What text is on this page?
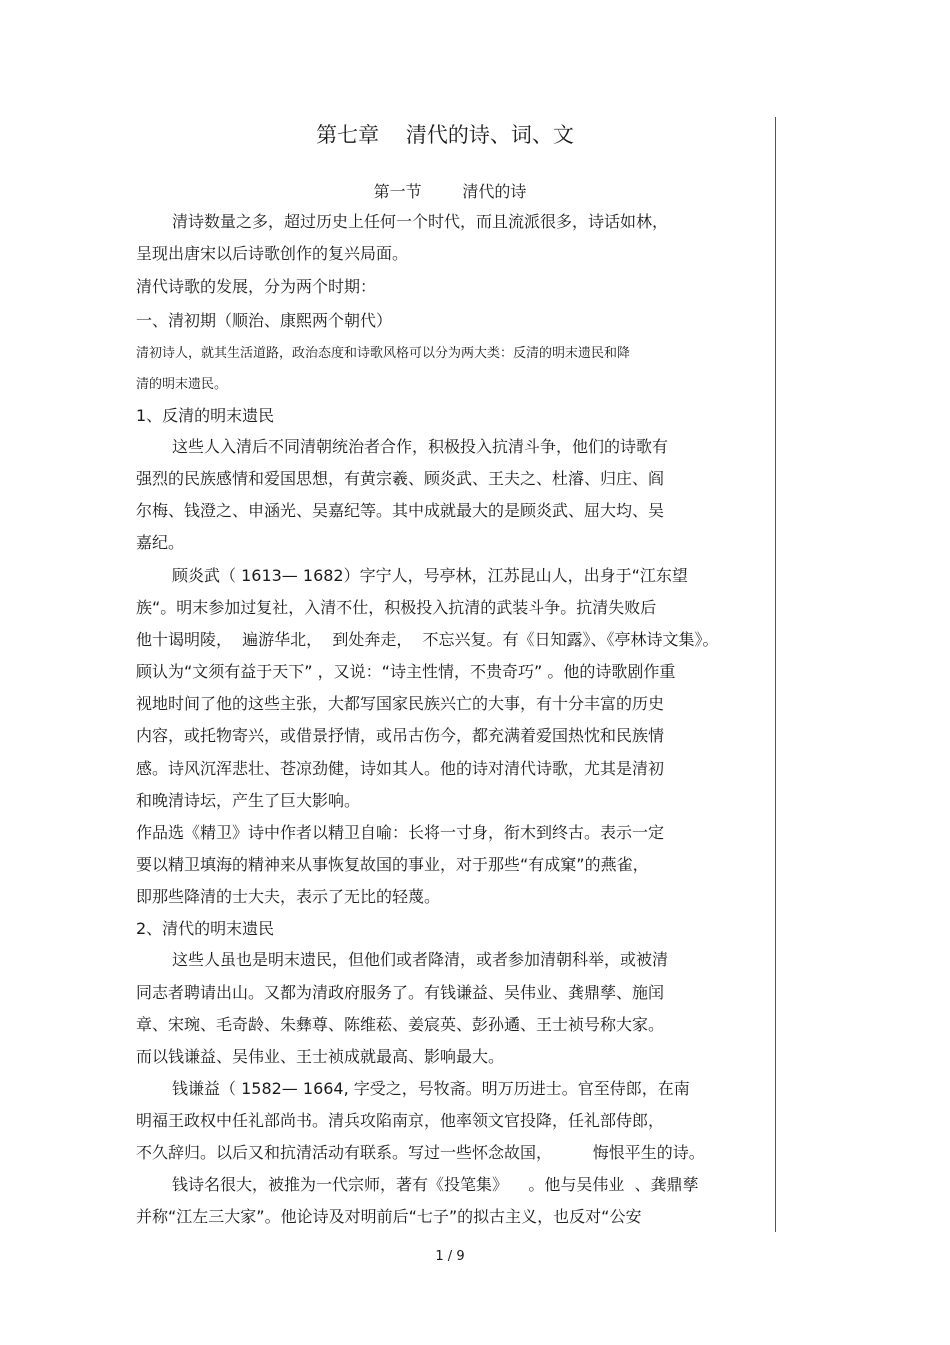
第七章    清代的诗、词、文
第一节        清代的诗
清诗数量之多，超过历史上任何一个时代，而且流派很多，诗话如林，
呈现出唐宋以后诗歌创作的复兴局面。
清代诗歌的发展，分为两个时期：
一、清初期（顺治、康熙两个朝代）
清初诗人，就其生活道路，政治态度和诗歌风格可以分为两大类：反清的明末遗民和降
清的明末遗民。
1、反清的明末遗民
这些人入清后不同清朝统治者合作，积极投入抗清斗争，他们的诗歌有
强烈的民族感情和爱国思想，有黄宗羲、顾炎武、王夫之、杜濬、归庄、阎
尔梅、钱澄之、申涵光、吴嘉纪等。其中成就最大的是顾炎武、屈大均、吴
嘉纪。
顾炎武（ 1613— 1682）字宁人，号亭林，江苏昆山人，出身于“江东望
族“。明末参加过复社，入清不仕，积极投入抗清的武装斗争。抗清失败后
他十谒明陵，  遍游华北，  到处奔走，  不忘兴复。有《日知露》、《亭林诗文集》。
顾认为“文须有益于天下” ，又说：“诗主性情，不贵奇巧” 。他的诗歌剧作重
视地时间了他的这些主张，大都写国家民族兴亡的大事，有十分丰富的历史
内容，或托物寄兴，或借景抒情，或吊古伤今，都充满着爱国热忱和民族情
感。诗风沉浑悲壮、苍凉劲健，诗如其人。他的诗对清代诗歌，尤其是清初
和晚清诗坛，产生了巨大影响。
作品选《精卫》诗中作者以精卫自喻：长将一寸身，衔木到终古。表示一定
要以精卫填海的精神来从事恢复故国的事业，对于那些“有成窠”的燕雀，
即那些降清的士大夫，表示了无比的轻蔑。
2、清代的明末遗民
这些人虽也是明末遗民，但他们或者降清，或者参加清朝科举，或被清
同志者聘请出山。又都为清政府服务了。有钱谦益、吴伟业、龚鼎孳、施闰
章、宋琬、毛奇龄、朱彝尊、陈维菘、姜宸英、彭孙遹、王士祯号称大家。
而以钱谦益、吴伟业、王士祯成就最高、影响最大。
钱谦益（ 1582— 1664, 字受之，号牧斋。明万历进士。官至侍郎，在南
明福王政权中任礼部尚书。清兵攻陷南京，他率领文官投降，任礼部侍郎，
不久辞归。以后又和抗清活动有联系。写过一些怀念故国，        悔恨平生的诗。
钱诗名很大，被推为一代宗师，著有《投笔集》    。他与吴伟业  、龚鼎孳
并称“江左三大家”。他论诗及对明前后“七子”的拟古主义，也反对“公安
1 / 9
